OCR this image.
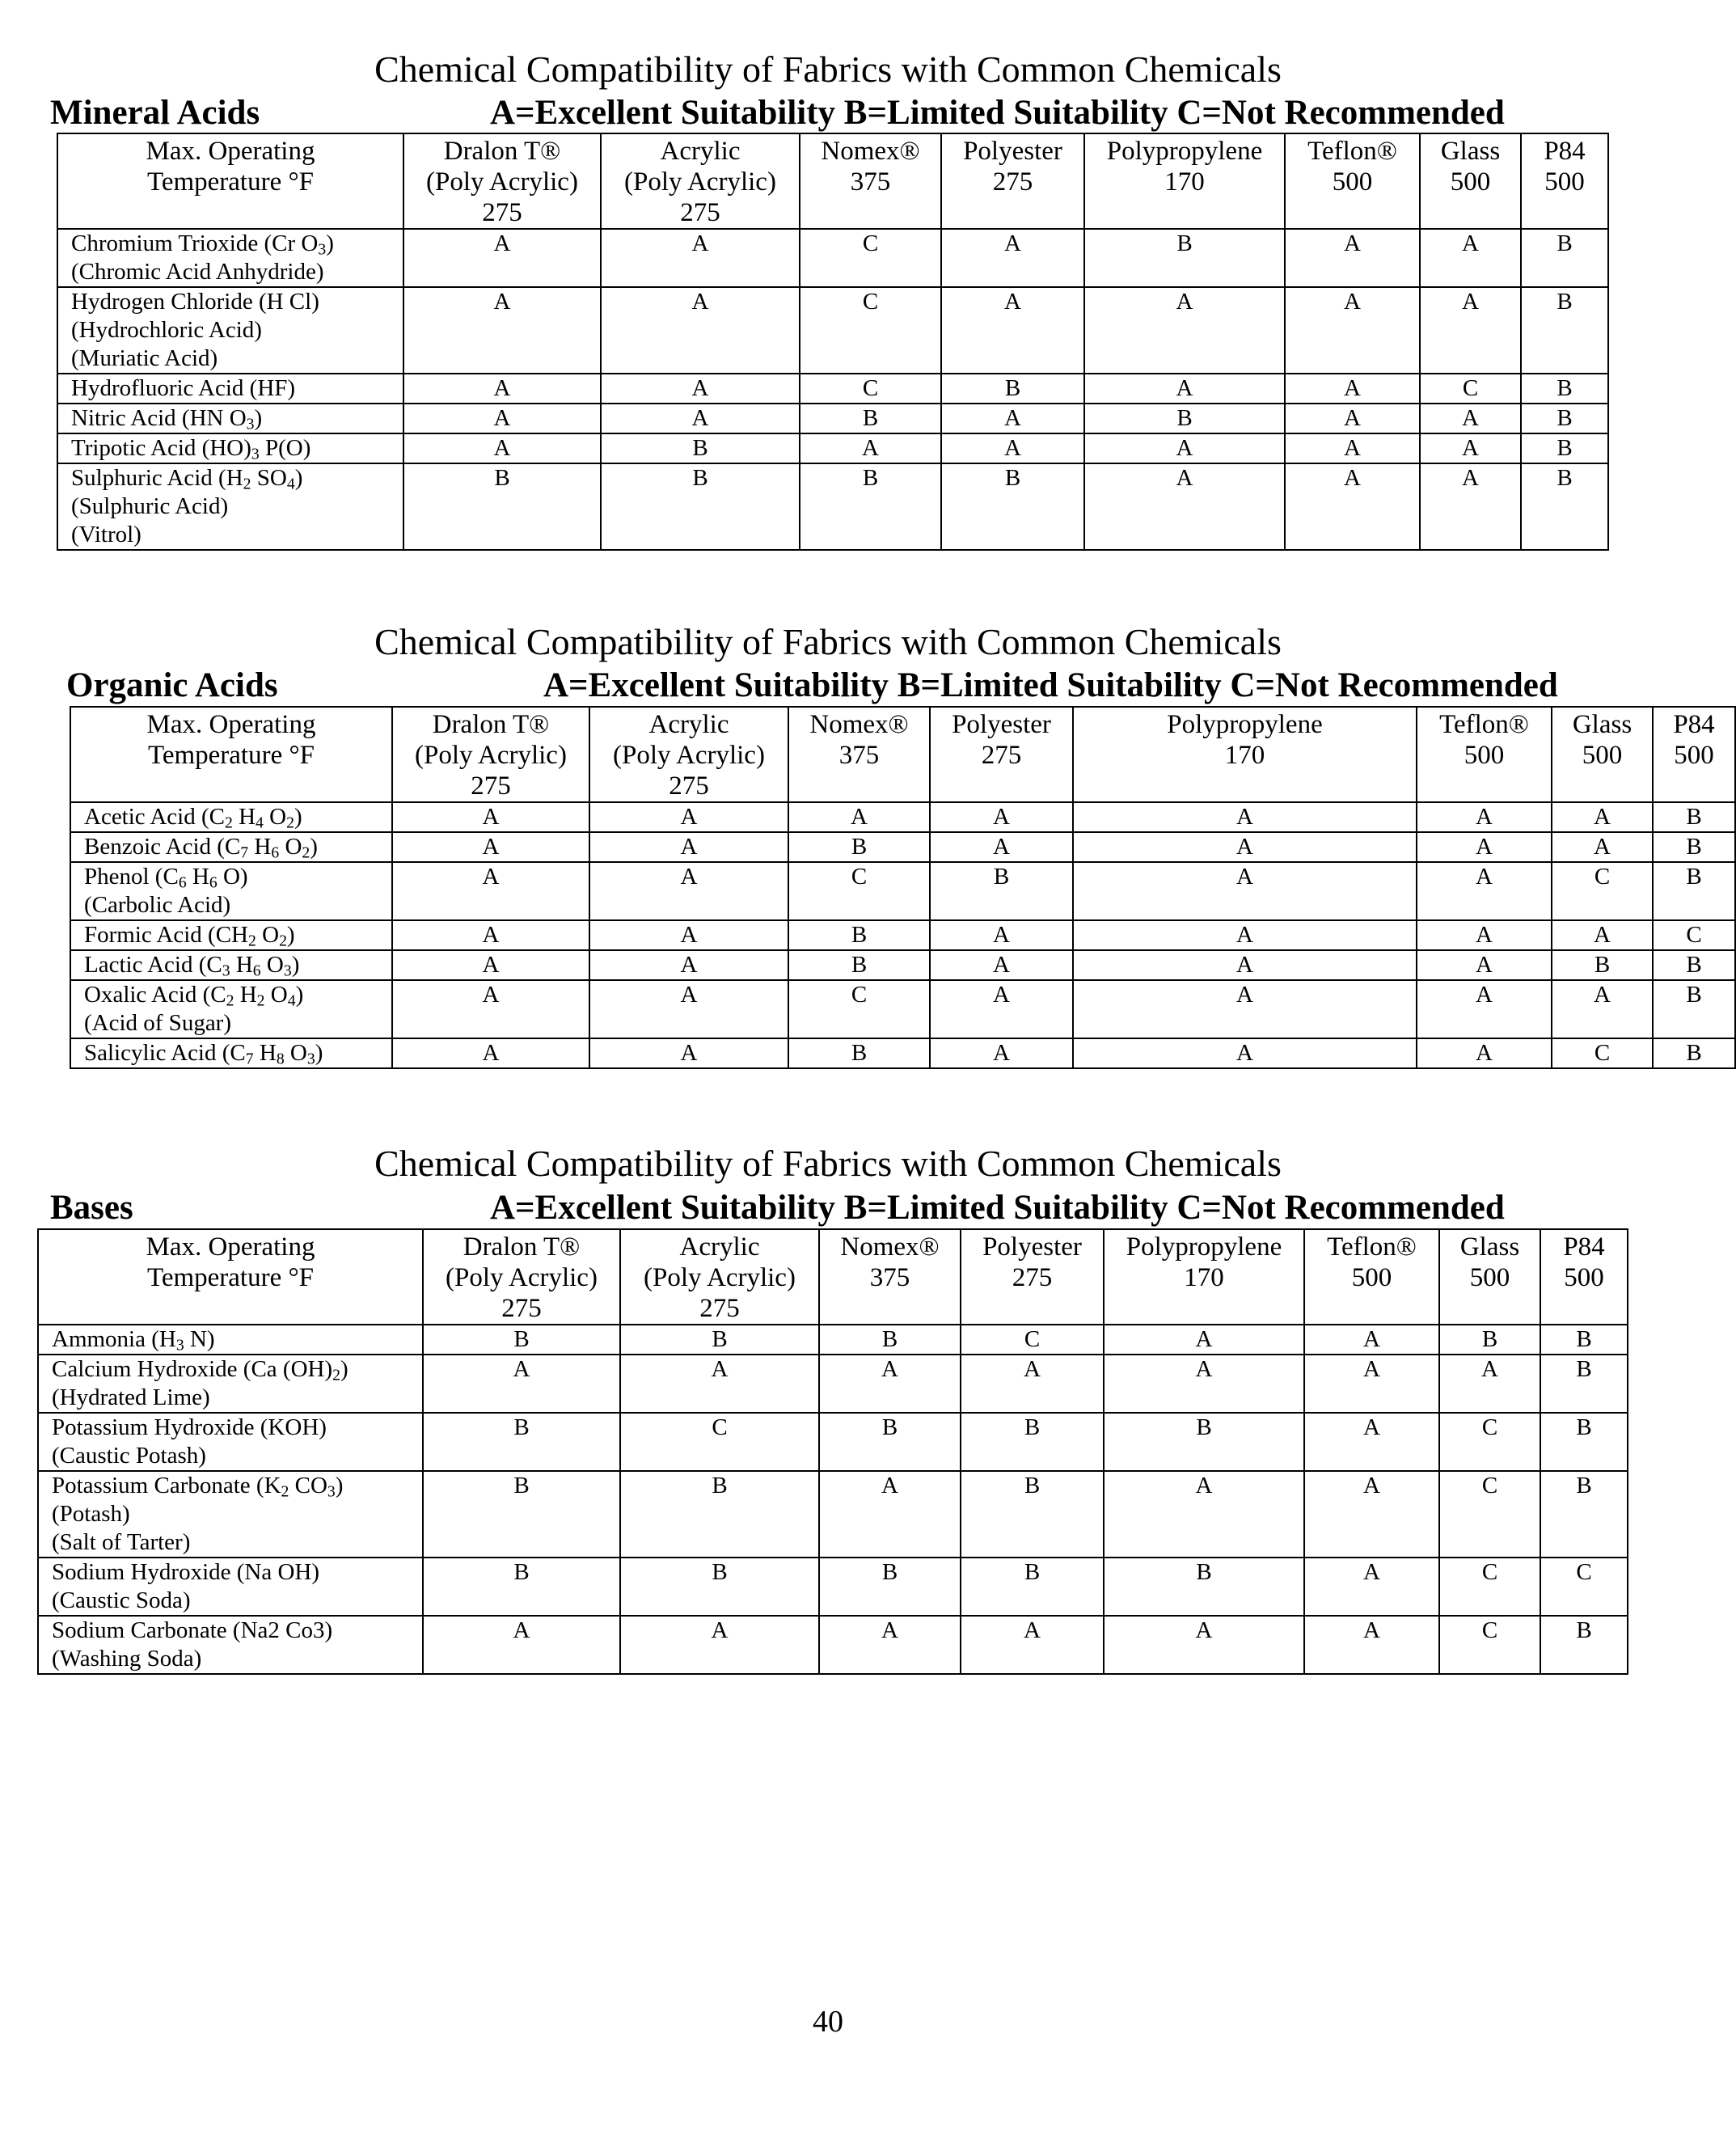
Chemical Compatibility of Fabrics with Common Chemicals
Mineral Acids	A=Excellent Suitability B=Limited Suitability C=Not Recommended
Max. Operating
Temperature °F	Dralon T®
(Poly Acrylic)
275	Acrylic
(Poly Acrylic)
275	Nomex®
375	Polyester
275	Polypropylene
170	Teflon®
500	Glass
500	P84
500

Chromium Trioxide (Cr $O_3$)
(Chromic Acid Anhydride)	A	A	C	A	B	A	A	B

Hydrogen Chloride (H Cl)
(Hydrochloric Acid)
(Muriatic Acid)	A	A	C	A	A	A	A	B

Hydrofluoric Acid (HF)	A	A	C	B	A	A	C	B

Nitric Acid (HN $O_3$)	A	A	B	A	B	A	A	B

Tripotic Acid $(HO)_3$ P(O)	A	B	A	A	A	A	A	B

Sulphuric Acid ($H_2$ $SO_4$)
(Sulphuric Acid)
(Vitrol)	B	B	B	B	A	A	A	B
Chemical Compatibility of Fabrics with Common Chemicals
Organic Acids	A=Excellent Suitability B=Limited Suitability C=Not Recommended
Max. Operating
Temperature °F	Dralon T®
(Poly Acrylic)
275	Acrylic
(Poly Acrylic)
275	Nomex®
375	Polyester
275	Polypropylene
170	Teflon®
500	Glass
500	P84
500

Acetic Acid ($C_2$ $H_4$ $O_2$)	A	A	A	A	A	A	A	B

Benzoic Acid ($C_7$ $H_6$ $O_2$)	A	A	B	A	A	A	A	B

Phenol ($C_6$ $H_6$ O)
(Carbolic Acid)	A	A	C	B	A	A	C	B

Formic Acid ($CH_2$ $O_2$)	A	A	B	A	A	A	A	C

Lactic Acid ($C_3$ $H_6$ $O_3$)	A	A	B	A	A	A	B	B

Oxalic Acid ($C_2$ $H_2$ $O_4$)
(Acid of Sugar)	A	A	C	A	A	A	A	B

Salicylic Acid ($C_7$ $H_8$ $O_3$)	A	A	B	A	A	A	C	B
Chemical Compatibility of Fabrics with Common Chemicals
Bases	A=Excellent Suitability B=Limited Suitability C=Not Recommended
Max. Operating
Temperature °F	Dralon T®
(Poly Acrylic)
275	Acrylic
(Poly Acrylic)
275	Nomex®
375	Polyester
275	Polypropylene
170	Teflon®
500	Glass
500	P84
500

Ammonia ($H_3$ N)	B	B	B	C	A	A	B	B

Calcium Hydroxide (Ca $(OH)_2$)
(Hydrated Lime)	A	A	A	A	A	A	A	B

Potassium Hydroxide (KOH)
(Caustic Potash)	B	C	B	B	B	A	C	B

Potassium Carbonate ($K_2$ $CO_3$)
(Potash)
(Salt of Tarter)	B	B	A	B	A	A	C	B

Sodium Hydroxide (Na OH)
(Caustic Soda)	B	B	B	B	B	A	C	C

Sodium Carbonate (Na2 Co3)
(Washing Soda)	A	A	A	A	A	A	C	B
40
